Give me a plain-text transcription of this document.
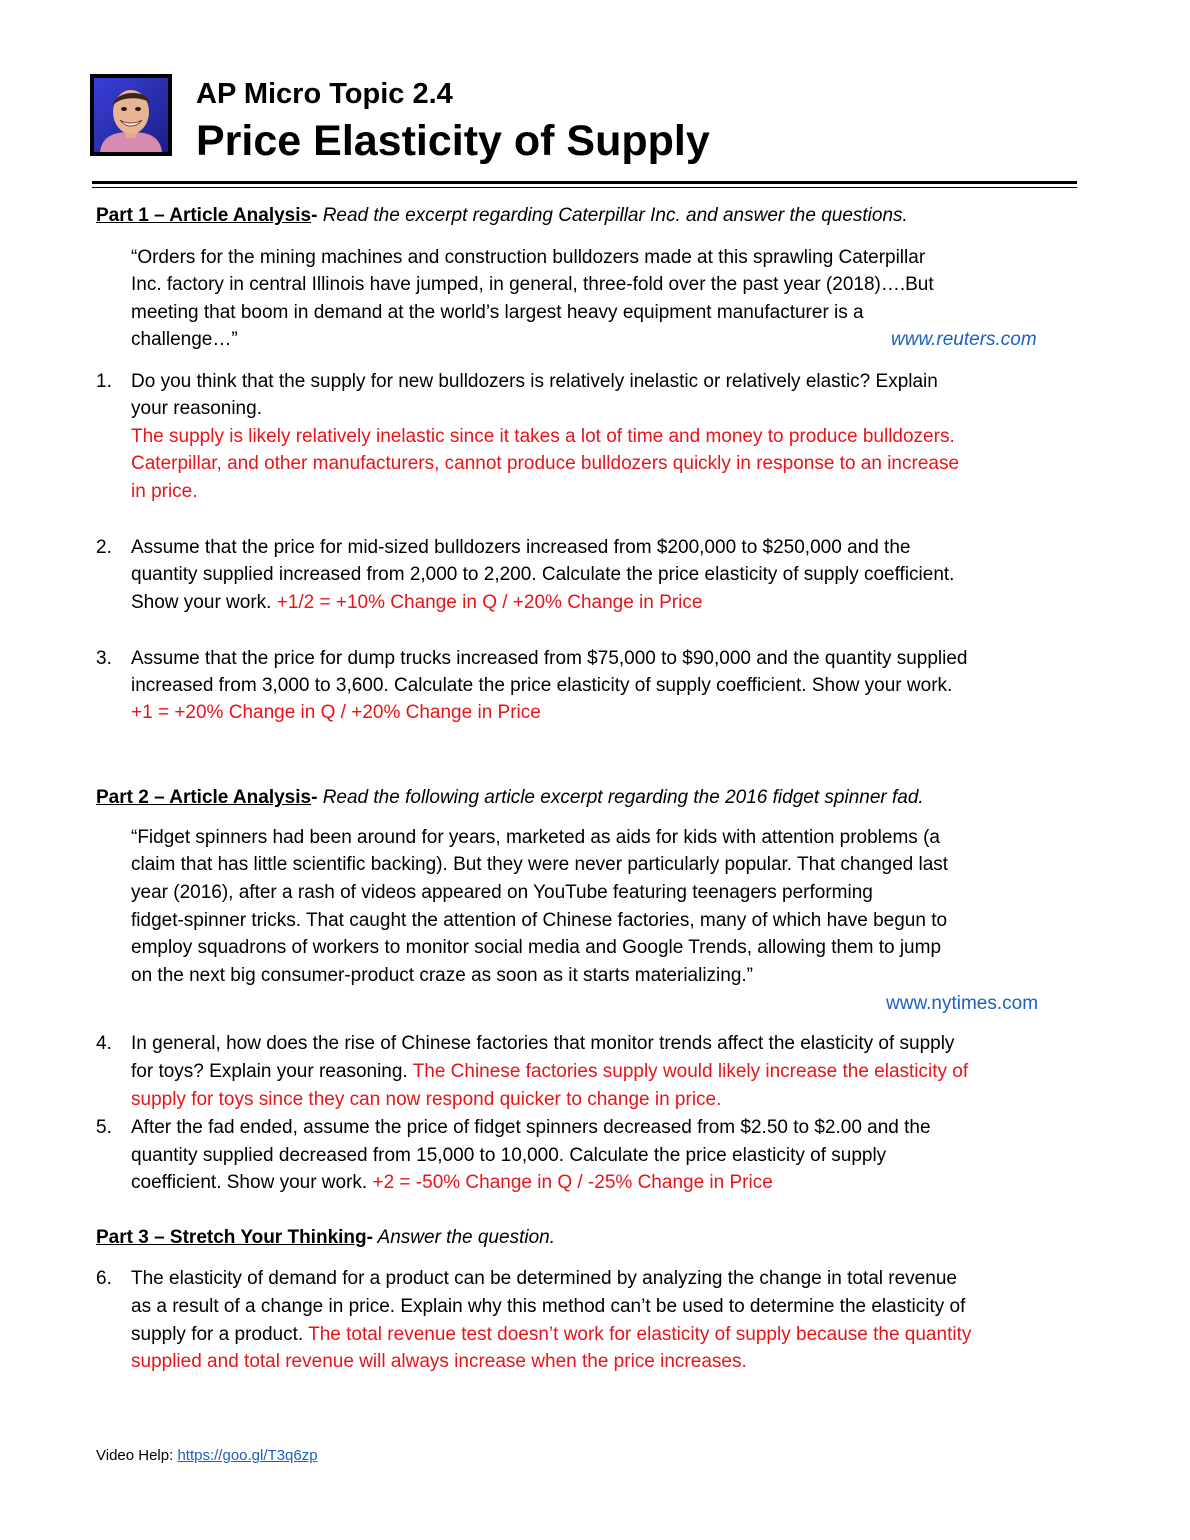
AP Micro Topic 2.4
Price Elasticity of Supply
Part 1 – Article Analysis- Read the excerpt regarding Caterpillar Inc. and answer the questions.
“Orders for the mining machines and construction bulldozers made at this sprawling Caterpillar
Inc. factory in central Illinois have jumped, in general, three-fold over the past year (2018)….But
meeting that boom in demand at the world’s largest heavy equipment manufacturer is a
challenge…”	www.reuters.com
1. Do you think that the supply for new bulldozers is relatively inelastic or relatively elastic? Explain
your reasoning.
The supply is likely relatively inelastic since it takes a lot of time and money to produce bulldozers.
Caterpillar, and other manufacturers, cannot produce bulldozers quickly in response to an increase
in price.
2. Assume that the price for mid-sized bulldozers increased from $200,000 to $250,000 and the
quantity supplied increased from 2,000 to 2,200. Calculate the price elasticity of supply coefficient.
Show your work. +1/2 = +10% Change in Q / +20% Change in Price
3. Assume that the price for dump trucks increased from $75,000 to $90,000 and the quantity supplied
increased from 3,000 to 3,600. Calculate the price elasticity of supply coefficient. Show your work.
+1 = +20% Change in Q / +20% Change in Price
Part 2 – Article Analysis- Read the following article excerpt regarding the 2016 fidget spinner fad.
“Fidget spinners had been around for years, marketed as aids for kids with attention problems (a
claim that has little scientific backing). But they were never particularly popular. That changed last
year (2016), after a rash of videos appeared on YouTube featuring teenagers performing
fidget-spinner tricks. That caught the attention of Chinese factories, many of which have begun to
employ squadrons of workers to monitor social media and Google Trends, allowing them to jump
on the next big consumer-product craze as soon as it starts materializing.”
www.nytimes.com
4. In general, how does the rise of Chinese factories that monitor trends affect the elasticity of supply
for toys? Explain your reasoning. The Chinese factories supply would likely increase the elasticity of
supply for toys since they can now respond quicker to change in price.
5. After the fad ended, assume the price of fidget spinners decreased from $2.50 to $2.00 and the
quantity supplied decreased from 15,000 to 10,000. Calculate the price elasticity of supply
coefficient. Show your work. +2 = -50% Change in Q / -25% Change in Price
Part 3 – Stretch Your Thinking- Answer the question.
6. The elasticity of demand for a product can be determined by analyzing the change in total revenue
as a result of a change in price. Explain why this method can’t be used to determine the elasticity of
supply for a product. The total revenue test doesn’t work for elasticity of supply because the quantity
supplied and total revenue will always increase when the price increases.
Video Help: https://goo.gl/T3q6zp
